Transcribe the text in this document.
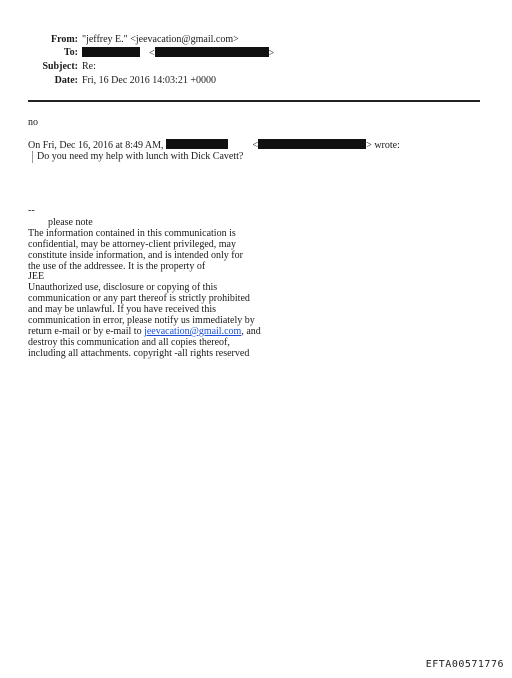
From: "jeffrey E." <jeevacation@gmail.com>
To:	<	>
Subject: Re:
Date: Fri, 16 Dec 2016 14:03:21 +0000
no
On Fri, Dec 16, 2016 at 8:49 AM,	<	> wrote:
Do you need my help with lunch with Dick Cavett?
--
please note
The information contained in this communication is
confidential, may be attorney-client privileged, may
constitute inside information, and is intended only for
the use of the addressee. It is the property of
JEE
Unauthorized use, disclosure or copying of this
communication or any part thereof is strictly prohibited
and may be unlawful. If you have received this
communication in error, please notify us immediately by
return e-mail or by e-mail to jeevacation@gmail.com, and
destroy this communication and all copies thereof,
including all attachments. copyright -all rights reserved
EFTA00571776
